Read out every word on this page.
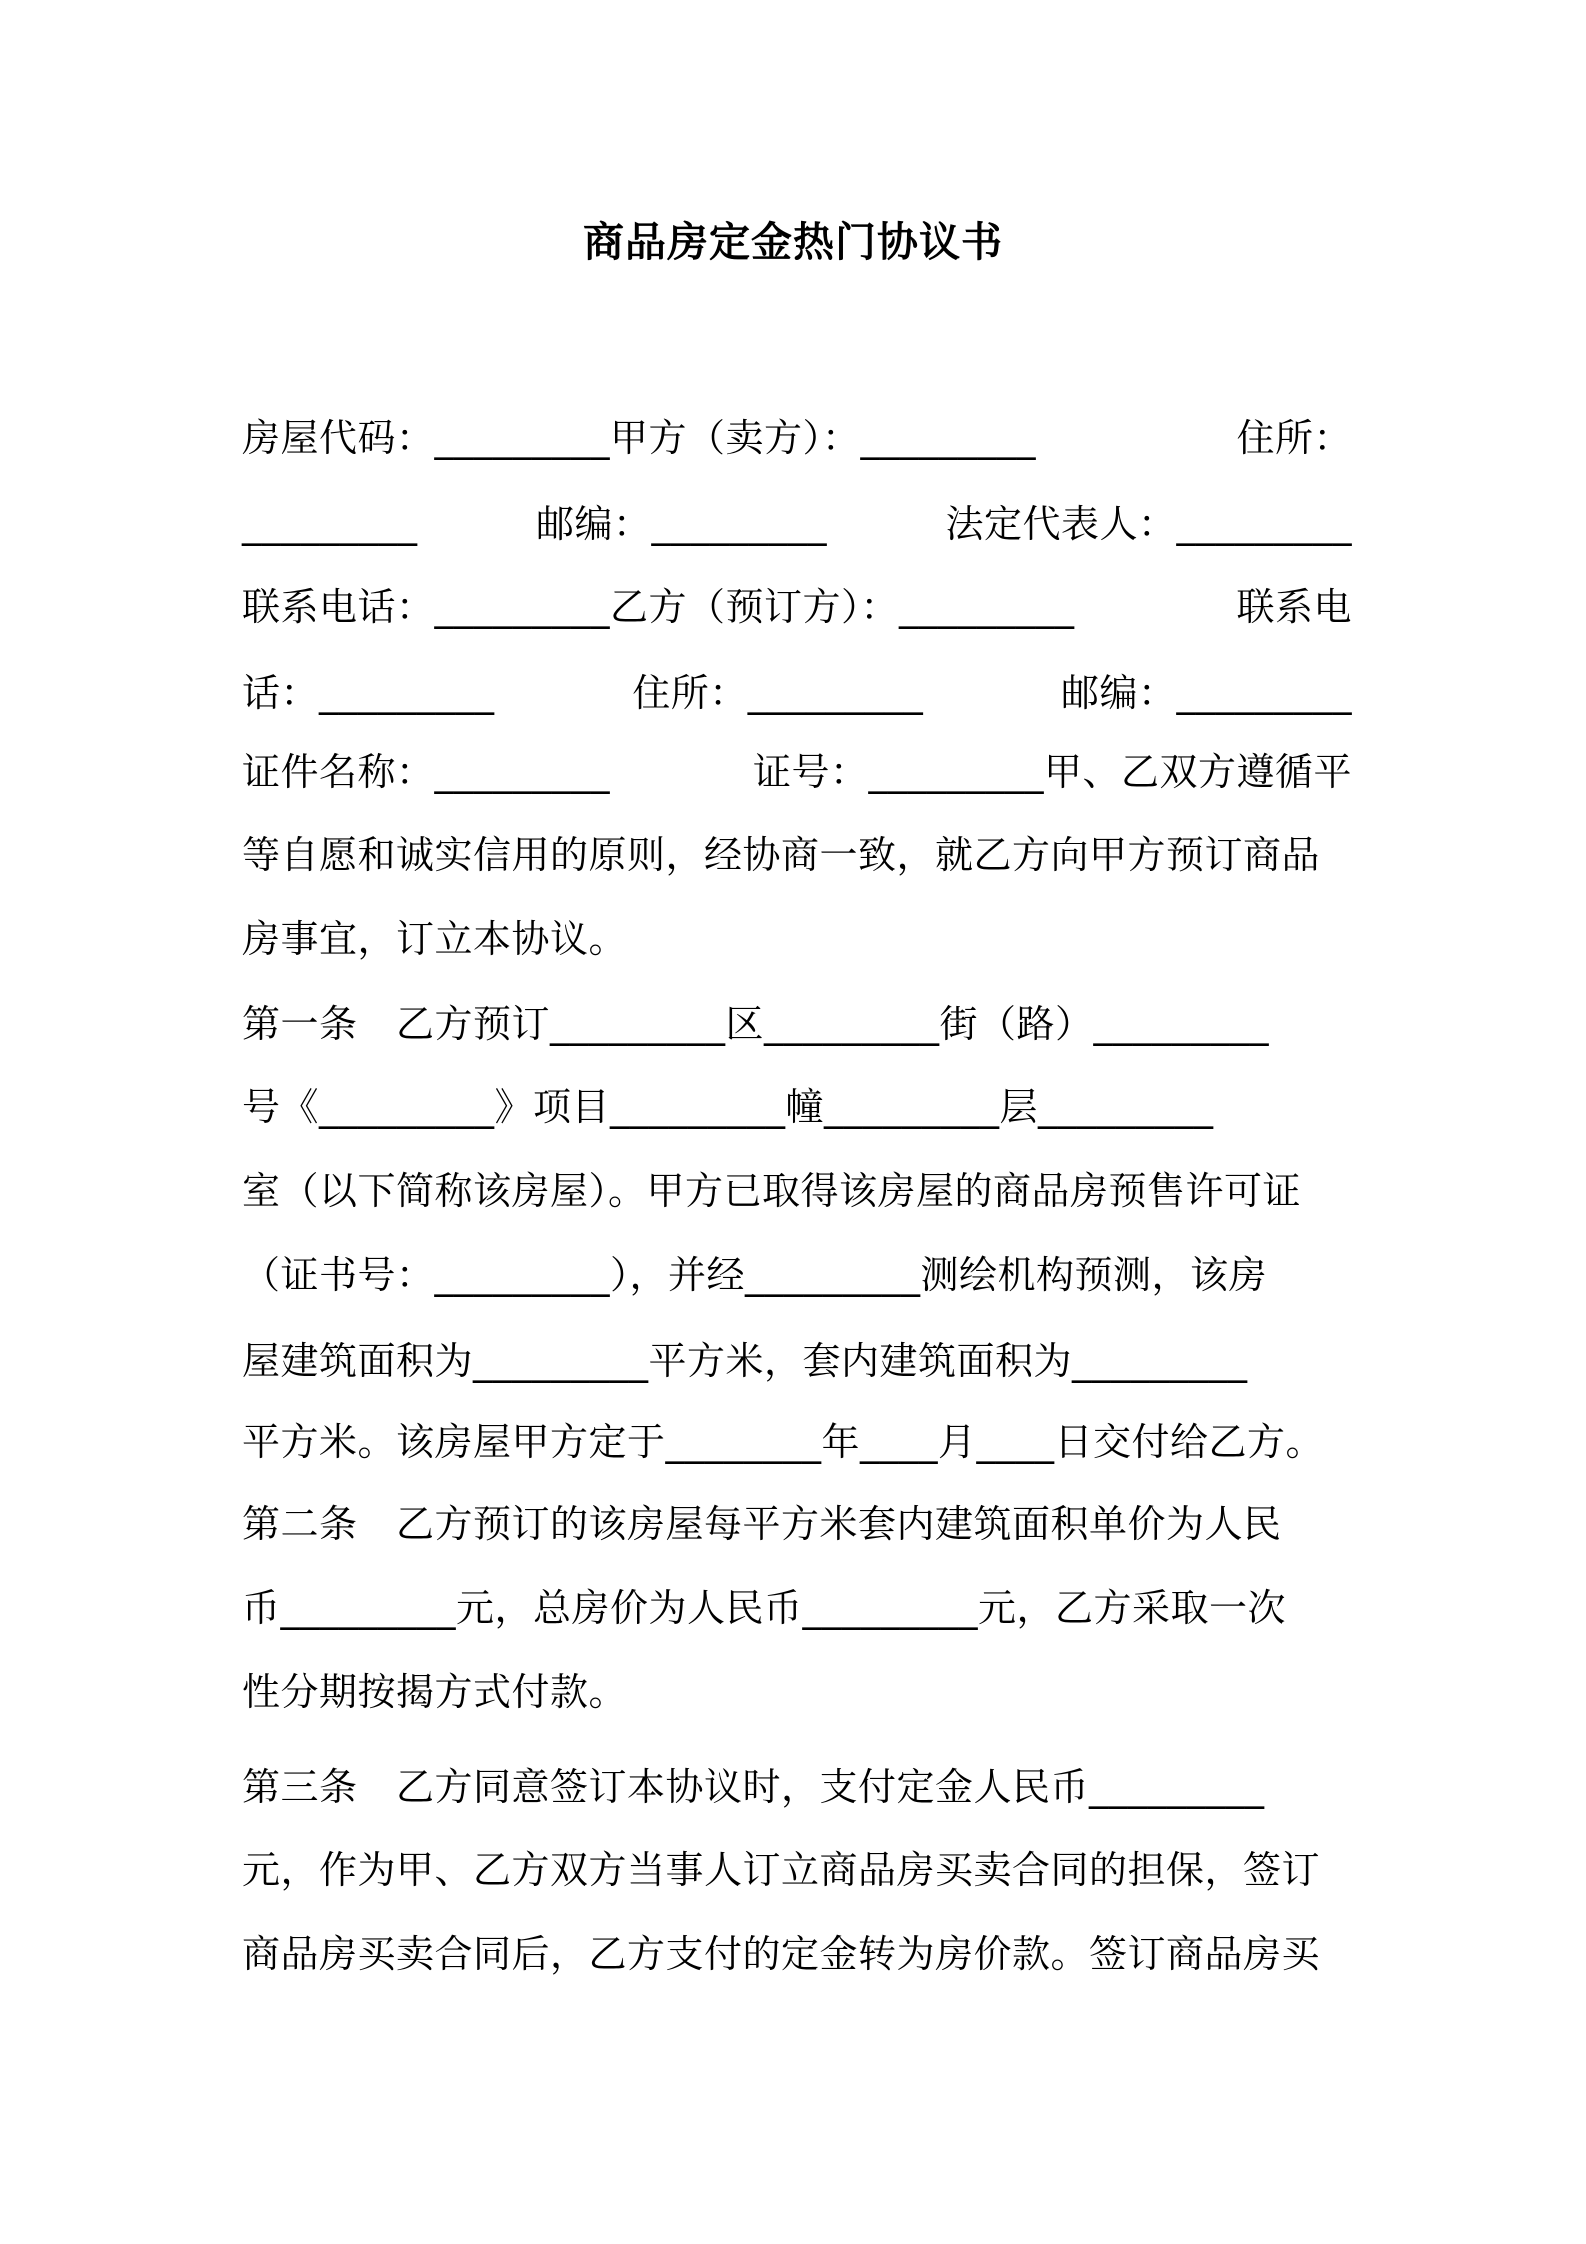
商品房定金热门协议书
房屋代码：_________甲方（卖方）：_________	住所：
_________	邮编：_________	法定代表人：_________
联系电话：_________乙方（预订方）：_________	联系电
话：_________	住所：_________	邮编：_________
证件名称：_________	证号：_________甲、乙双方遵循平
等自愿和诚实信用的原则，经协商一致，就乙方向甲方预订商品
房事宜，订立本协议。
第一条　乙方预订_________区_________街（路）_________
号《_________》项目_________幢_________层_________
室（以下简称该房屋）。甲方已取得该房屋的商品房预售许可证
（证书号：_________），并经_________测绘机构预测，该房
屋建筑面积为_________平方米，套内建筑面积为_________
平方米。该房屋甲方定于________年____月____日交付给乙方。
第二条　乙方预订的该房屋每平方米套内建筑面积单价为人民
币_________元，总房价为人民币_________元，乙方采取一次
性分期按揭方式付款。
第三条　乙方同意签订本协议时，支付定金人民币_________
元，作为甲、乙方双方当事人订立商品房买卖合同的担保，签订
商品房买卖合同后，乙方支付的定金转为房价款。签订商品房买
